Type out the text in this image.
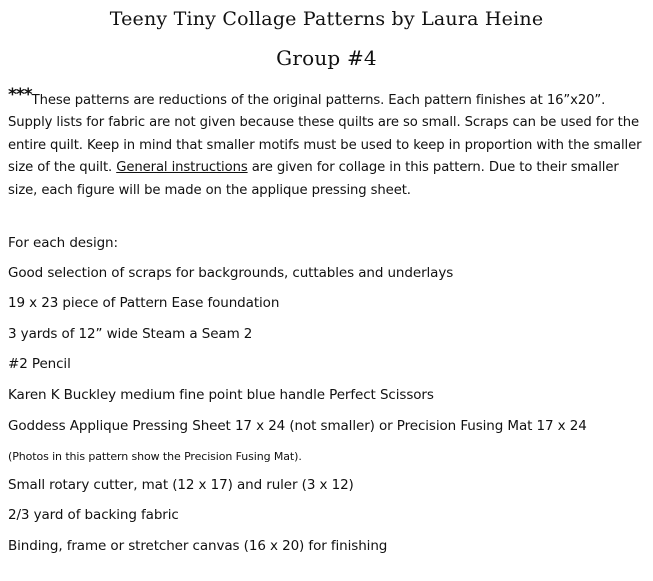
Teeny Tiny Collage Patterns by Laura Heine
Group #4
***These patterns are reductions of the original patterns. Each pattern finishes at 16”x20”. Supply lists for fabric are not given because these quilts are so small. Scraps can be used for the entire quilt. Keep in mind that smaller motifs must be used to keep in proportion with the smaller size of the quilt. General instructions are given for collage in this pattern. Due to their smaller size, each figure will be made on the applique pressing sheet.
For each design:
Good selection of scraps for backgrounds, cuttables and underlays
19 x 23 piece of Pattern Ease foundation
3 yards of 12” wide Steam a Seam 2
#2 Pencil
Karen K Buckley medium fine point blue handle Perfect Scissors
Goddess Applique Pressing Sheet 17 x 24 (not smaller) or Precision Fusing Mat 17 x 24
(Photos in this pattern show the Precision Fusing Mat).
Small rotary cutter, mat (12 x 17) and ruler (3 x 12)
2/3 yard of backing fabric
Binding, frame or stretcher canvas (16 x 20) for finishing
